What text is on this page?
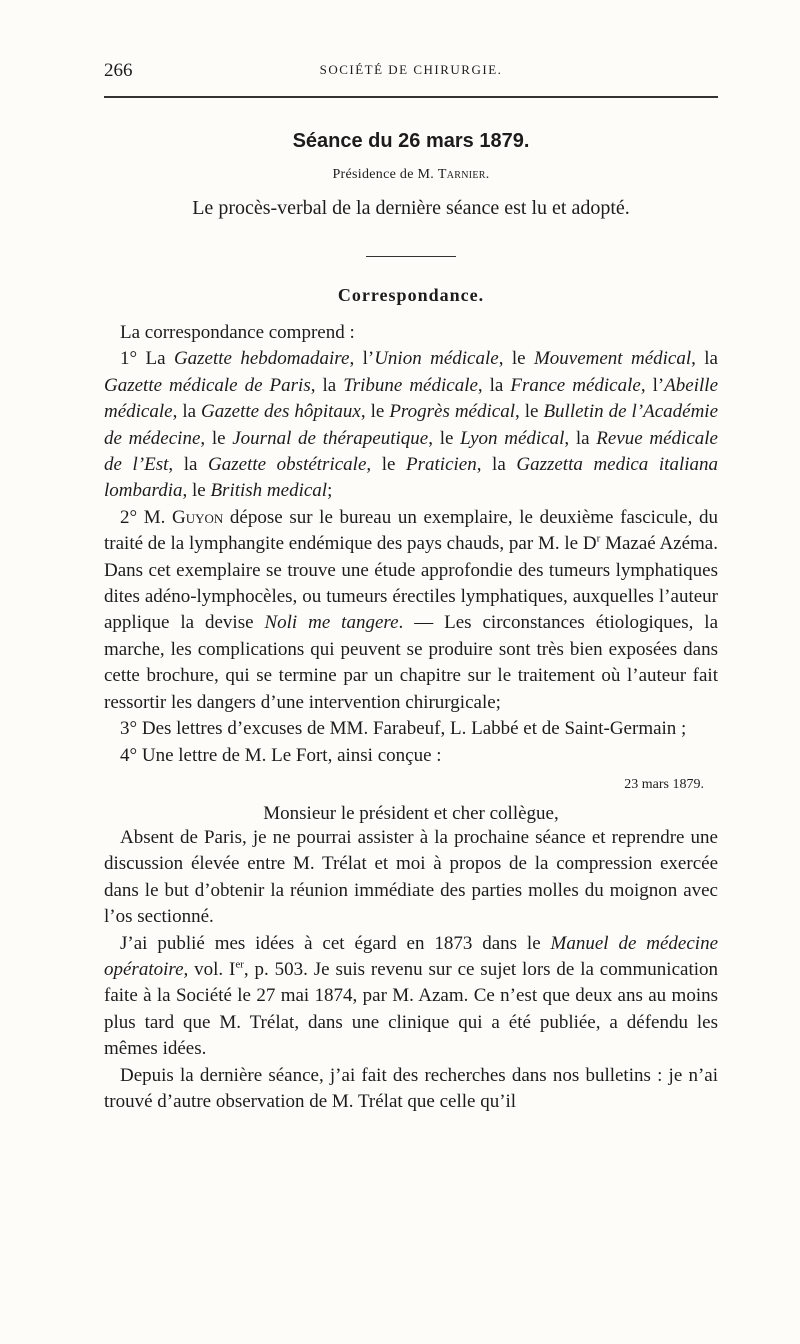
266	SOCIÉTÉ DE CHIRURGIE.
Séance du 26 mars 1879.
Présidence de M. Tarnier.
Le procès-verbal de la dernière séance est lu et adopté.
Correspondance.

La correspondance comprend :

1° La Gazette hebdomadaire, l’Union médicale, le Mouvement médical, la Gazette médicale de Paris, la Tribune médicale, la France médicale, l’Abeille médicale, la Gazette des hôpitaux, le Progrès médical, le Bulletin de l’Académie de médecine, le Journal de thérapeutique, le Lyon médical, la Revue médicale de l’Est, la Gazette obstétricale, le Praticien, la Gazzetta medica italiana lombardia, le British medical;

2° M. Guyon dépose sur le bureau un exemplaire, le deuxième fascicule, du traité de la lymphangite endémique des pays chauds, par M. le $D^r$ Mazaé Azéma. Dans cet exemplaire se trouve une étude approfondie des tumeurs lymphatiques dites adéno-lymphocèles, ou tumeurs érectiles lymphatiques, auxquelles l’auteur applique la devise Noli me tangere. — Les circonstances étiologiques, la marche, les complications qui peuvent se produire sont très bien exposées dans cette brochure, qui se termine par un chapitre sur le traitement où l’auteur fait ressortir les dangers d’une intervention chirurgicale;

3° Des lettres d’excuses de MM. Farabeuf, L. Labbé et de Saint-Germain ;

4° Une lettre de M. Le Fort, ainsi conçue :

23 mars 1879.
Monsieur le président et cher collègue,

Absent de Paris, je ne pourrai assister à la prochaine séance et reprendre une discussion élevée entre M. Trélat et moi à propos de la compression exercée dans le but d’obtenir la réunion immédiate des parties molles du moignon avec l’os sectionné.

J’ai publié mes idées à cet égard en 1873 dans le Manuel de médecine opératoire, vol. Ier, p. 503. Je suis revenu sur ce sujet lors de la communication faite à la Société le 27 mai 1874, par M. Azam. Ce n’est que deux ans au moins plus tard que M. Trélat, dans une clinique qui a été publiée, a défendu les mêmes idées.

Depuis la dernière séance, j’ai fait des recherches dans nos bulletins : je n’ai trouvé d’autre observation de M. Trélat que celle qu’il
